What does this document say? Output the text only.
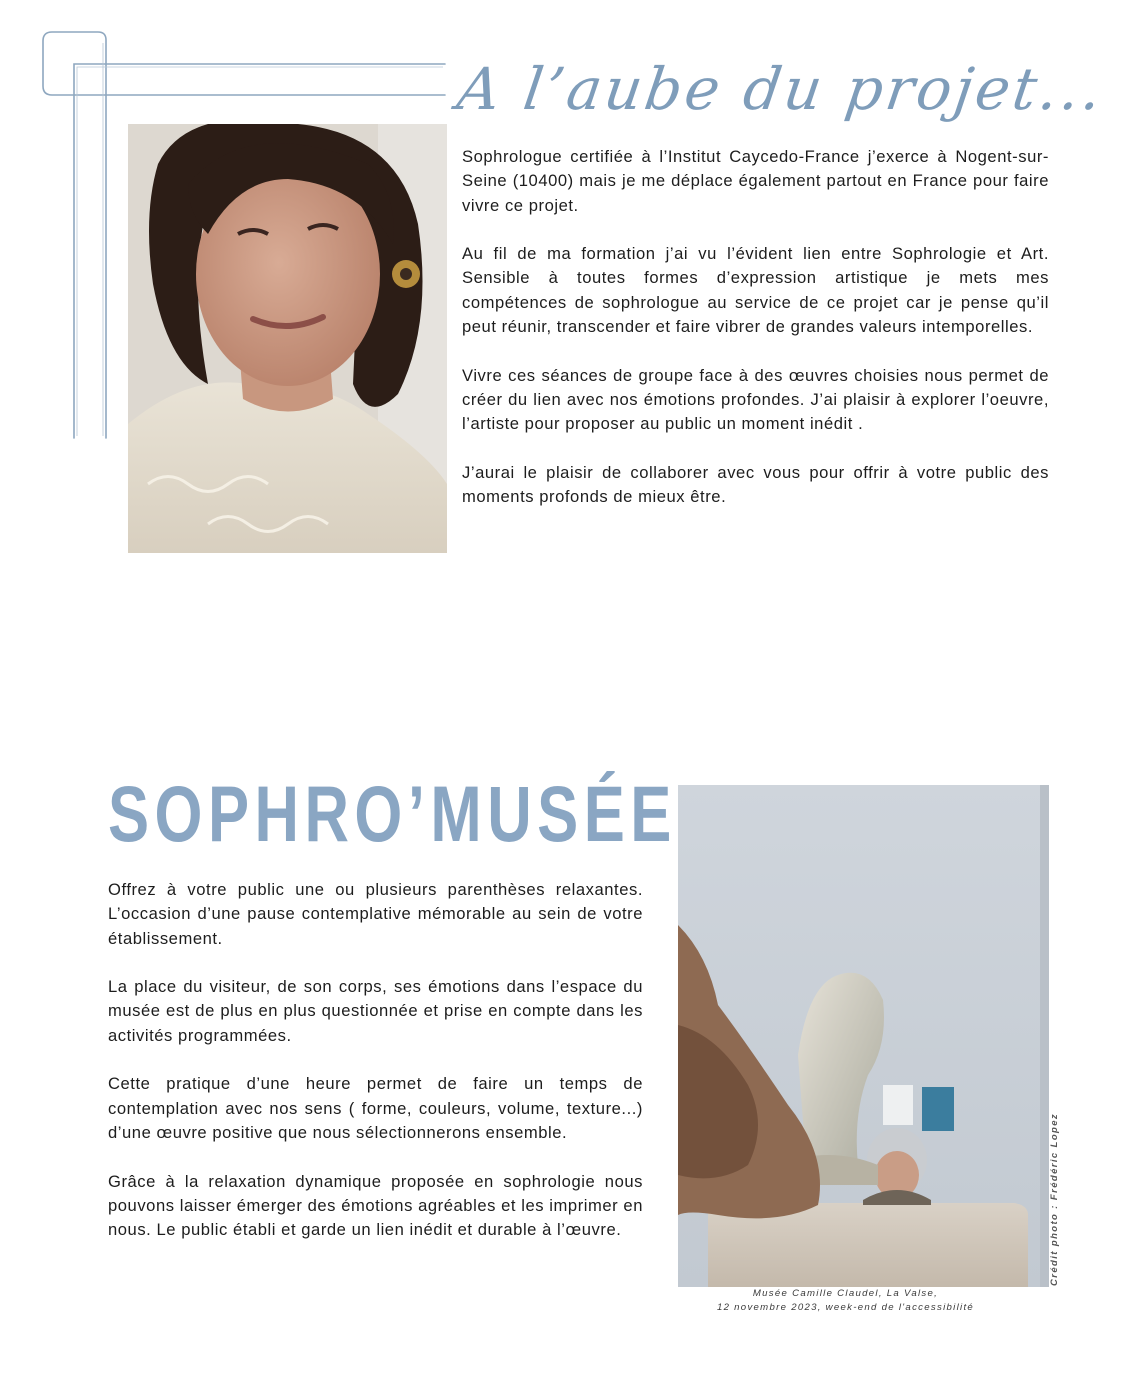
A l’aube du projet...

Sophrologue certifiée à l’Institut Caycedo-France j’exerce à Nogent-sur-Seine (10400) mais je me déplace également partout en France pour faire vivre ce projet.

Au fil de ma formation j’ai vu l’évident lien entre Sophrologie et Art. Sensible à toutes formes d’expression artistique je mets mes compétences de sophrologue au service de ce projet car je pense qu’il peut réunir, transcender et faire vibrer de grandes valeurs intemporelles.

Vivre ces séances de groupe face à des œuvres choisies nous permet de créer du lien avec nos émotions profondes. J’ai plaisir à explorer l’oeuvre, l’artiste pour proposer au public un moment inédit .

J’aurai le plaisir de collaborer avec vous pour offrir à votre public des moments profonds de mieux être.

SOPHRO’MUSÉE

Offrez à votre public une ou plusieurs parenthèses relaxantes. L’occasion d’une pause contemplative mémorable au sein de votre établissement.

La place du visiteur, de son corps, ses émotions dans l’espace du musée est de plus en plus questionnée et prise en compte dans les activités programmées.

Cette pratique d’une heure permet de faire un temps de contemplation avec nos sens ( forme, couleurs, volume, texture...) d’une œuvre positive que nous sélectionnerons ensemble.

Grâce à la relaxation dynamique proposée en sophrologie nous pouvons laisser émerger des émotions agréables et les imprimer en nous. Le public établi et garde un lien inédit et durable à l’œuvre.	Crédit photo : Frédéric Lopez
Musée Camille Claudel, La Valse,
12 novembre 2023, week-end de l'accessibilité
